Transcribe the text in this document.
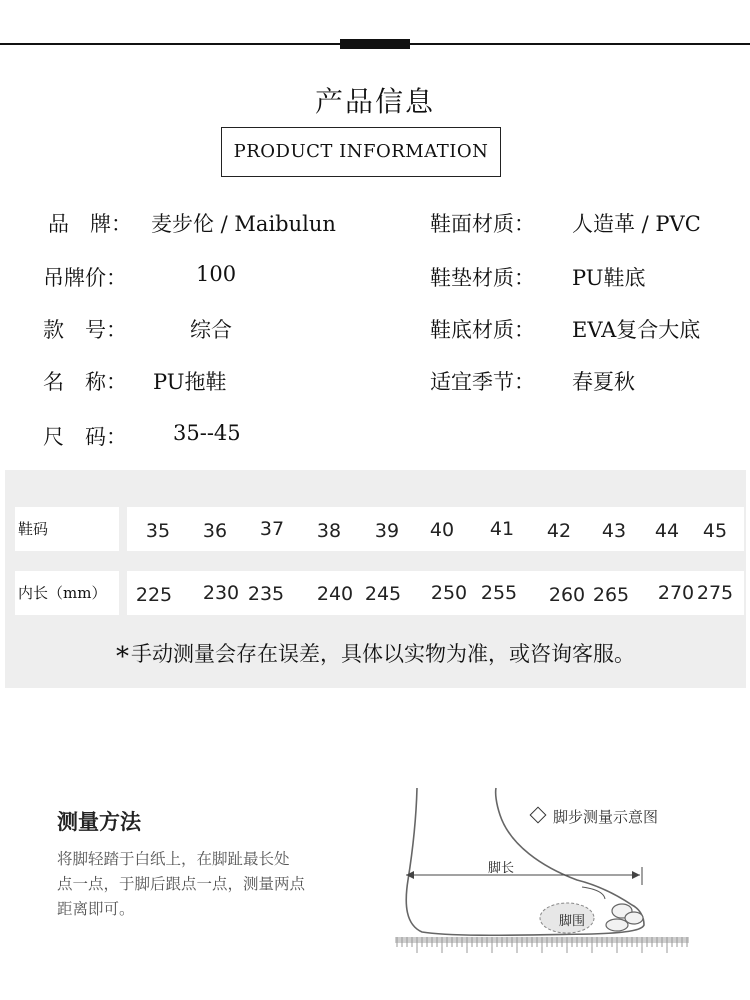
产品信息
PRODUCT INFORMATION
品　牌： 麦步伦 / Maibulun
吊牌价：	100
款　号：	综合
名　称： PU拖鞋
尺　码： 35--45
鞋面材质： 人造革 / PVC
鞋垫材质： PU鞋底
鞋底材质： EVA复合大底
适宜季节： 春夏秋
鞋码	35	36	37	38	39	40	41	42	43	44	45
内长（mm）	225	230 235	240 245	250 255	260 265	270 275
*手动测量会存在误差，具体以实物为准，或咨询客服。
测量方法
将脚轻踏于白纸上，在脚趾最长处
点一点，于脚后跟点一点，测量两点
距离即可。
脚步测量示意图
脚长
脚围
